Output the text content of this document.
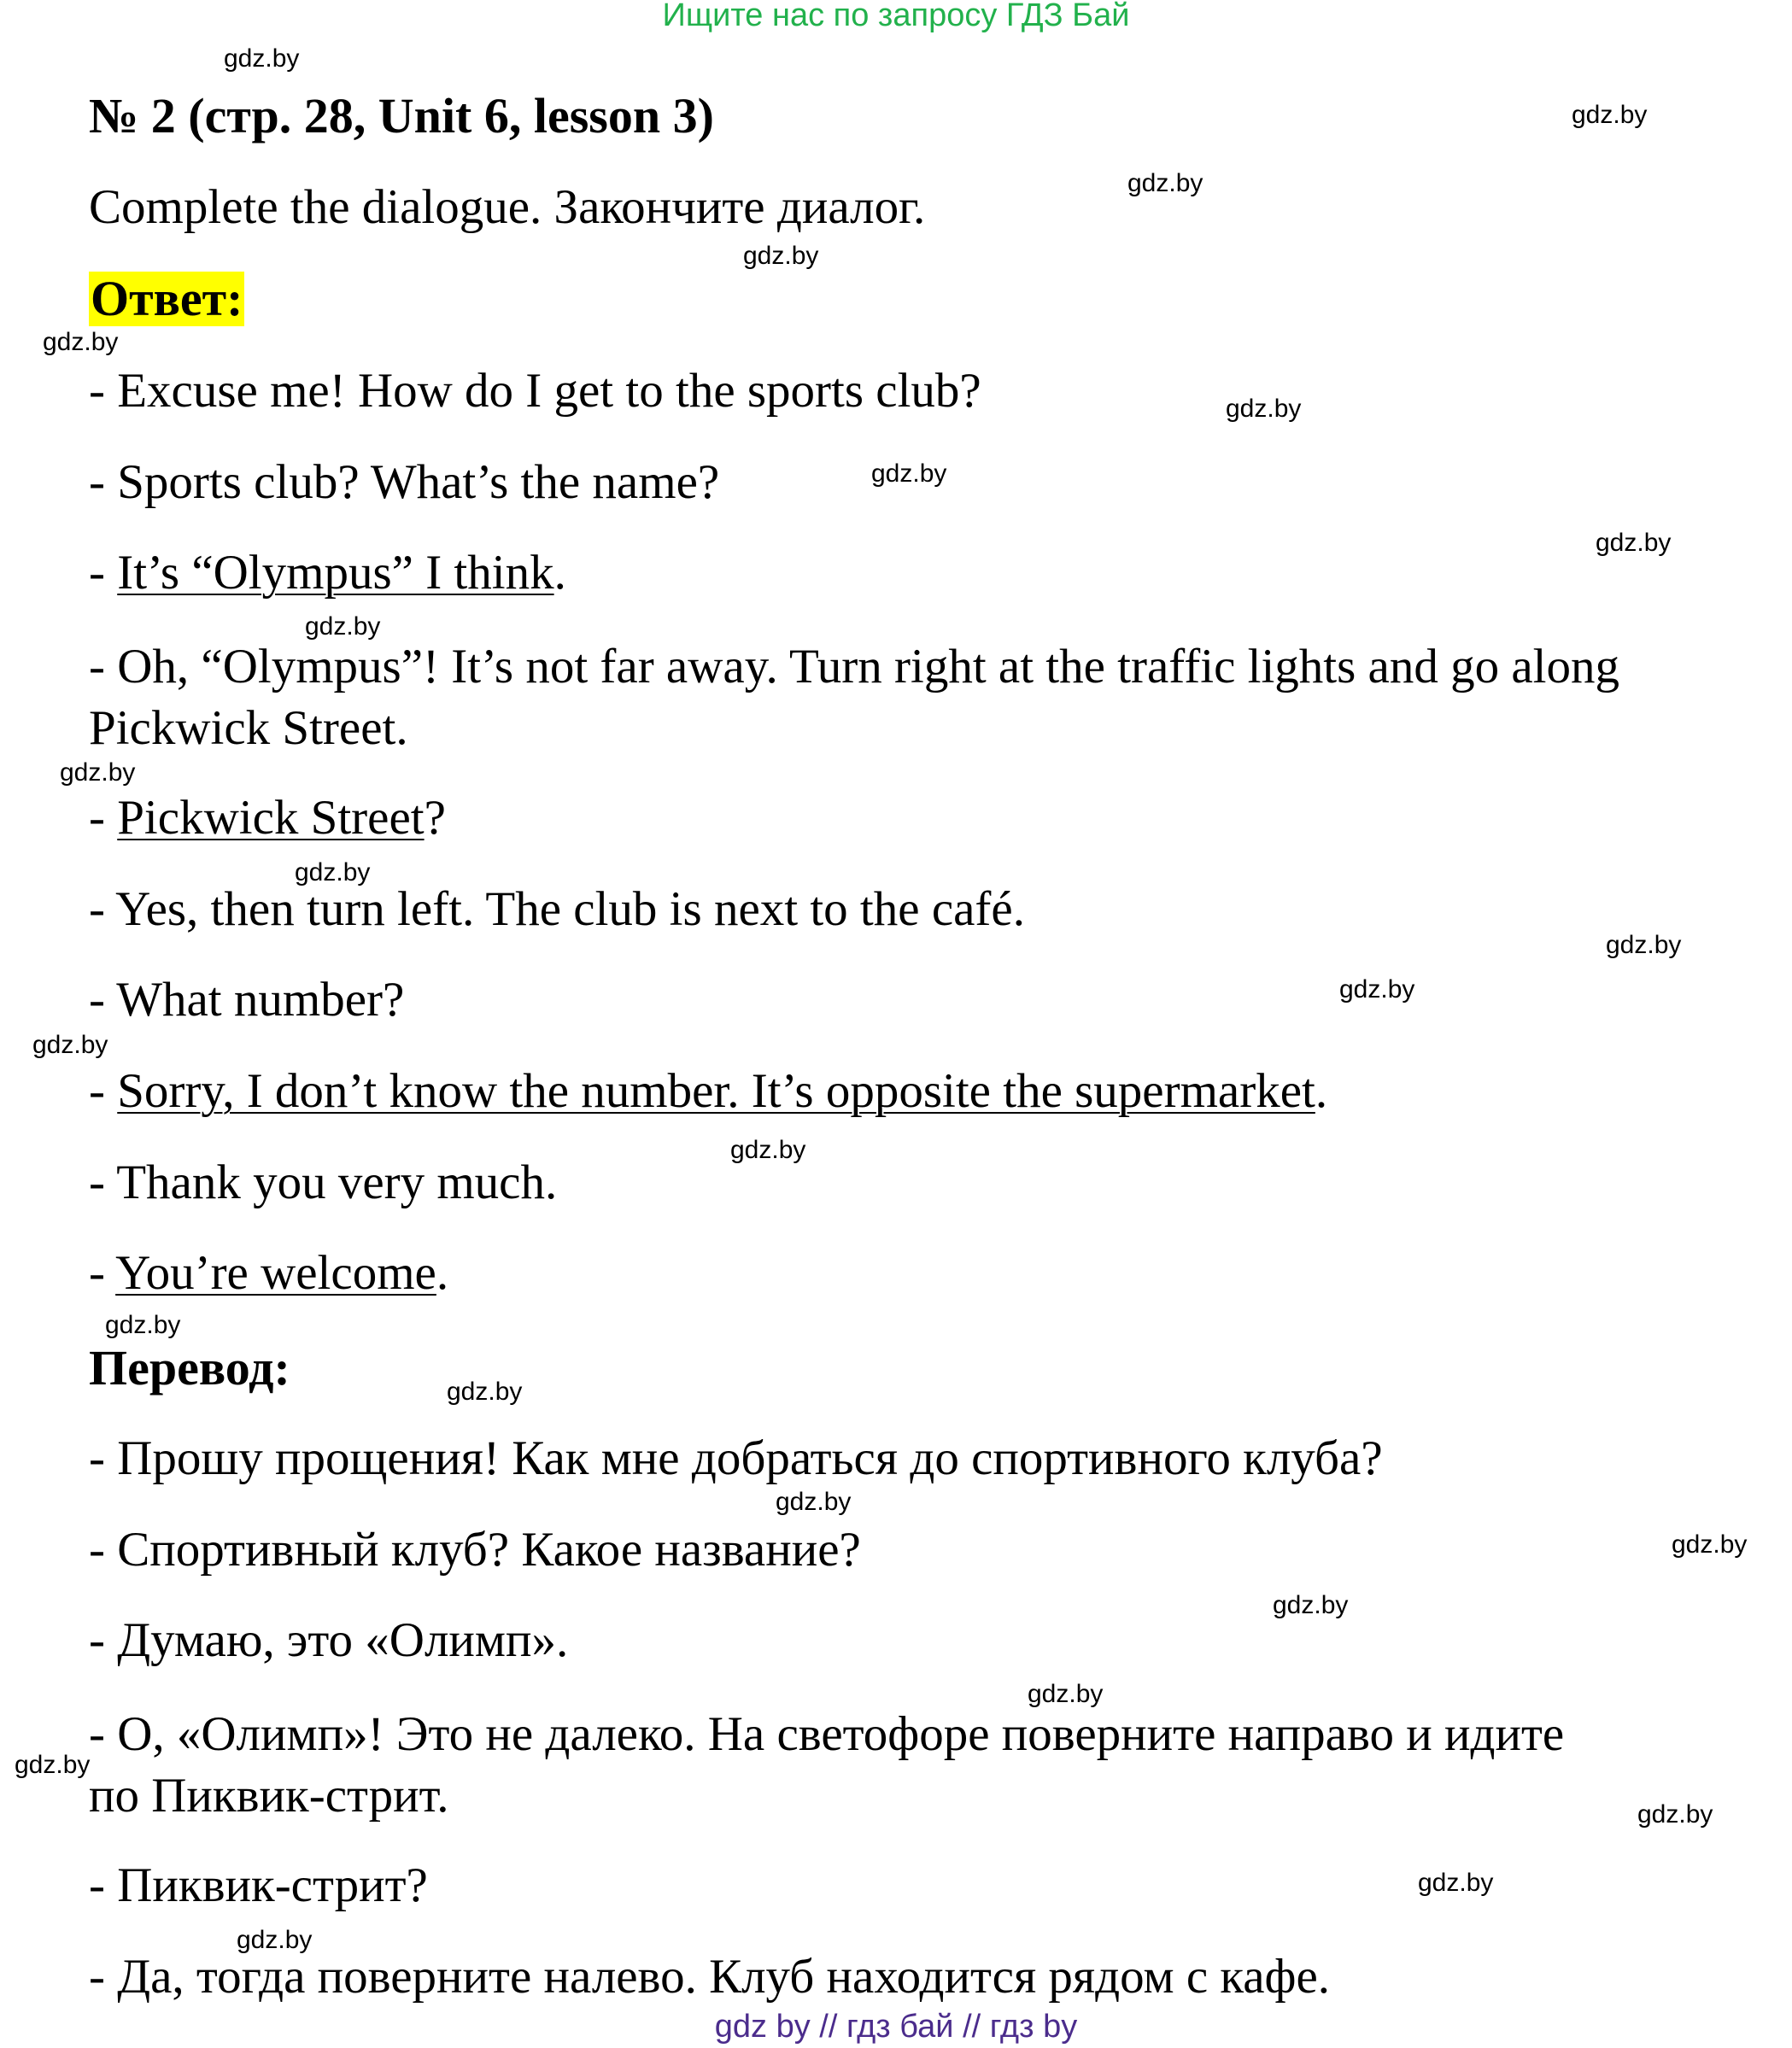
Ищите нас по запросу ГДЗ Бай
№ 2 (стр. 28, Unit 6, lesson 3)
Complete the dialogue. Закончите диалог.
Ответ:
- Excuse me! How do I get to the sports club?
- Sports club? What’s the name?
- It’s “Olympus” I think.
- Oh, “Olympus”! It’s not far away. Turn right at the traffic lights and go along Pickwick Street.
- Pickwick Street?
- Yes, then turn left. The club is next to the café.
- What number?
- Sorry, I don’t know the number. It’s opposite the supermarket.
- Thank you very much.
- You’re welcome.
Перевод:
- Прошу прощения! Как мне добраться до спортивного клуба?
- Спортивный клуб? Какое название?
- Думаю, это «Олимп».
- О, «Олимп»! Это не далеко. На светофоре поверните направо и идите по Пиквик-стрит.
- Пиквик-стрит?
- Да, тогда поверните налево. Клуб находится рядом с кафе.
gdz.by
gdz.by
gdz.by
gdz.by
gdz.by
gdz.by
gdz.by
gdz.by
gdz.by
gdz.by
gdz.by
gdz.by
gdz.by
gdz.by
gdz.by
gdz.by
gdz.by
gdz.by
gdz.by
gdz.by
gdz.by
gdz.by
gdz.by
gdz.by
gdz.by
gdz by // гдз бай // гдз by
